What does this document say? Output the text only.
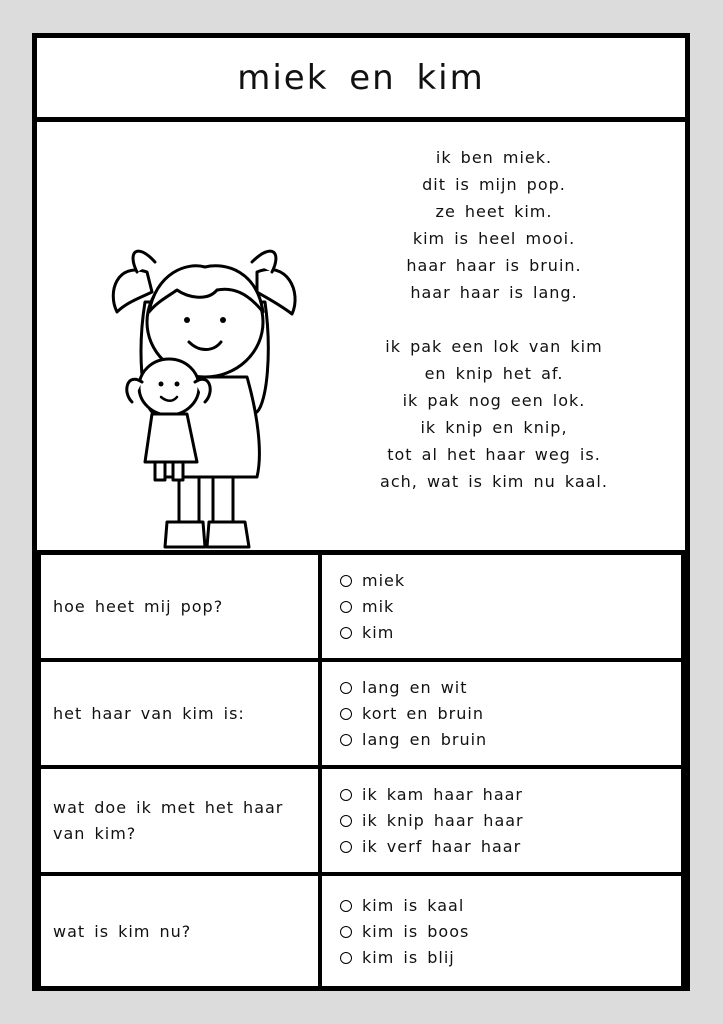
miek en kim

ik ben miek.

dit is mijn pop.

ze heet kim.

kim is heel mooi.

haar haar is bruin.

haar haar is lang.

ik pak een lok van kim

en knip het af.

ik pak nog een lok.

ik knip en knip,

tot al het haar weg is.

ach, wat is kim nu kaal.

hoe heet mij pop?
miek
mik
kim
het haar van kim is:
lang en wit
kort en bruin
lang en bruin
wat doe ik met het haar van kim?
ik kam haar haar
ik knip haar haar
ik verf haar haar
wat is kim nu?
kim is kaal
kim is boos
kim is blij
